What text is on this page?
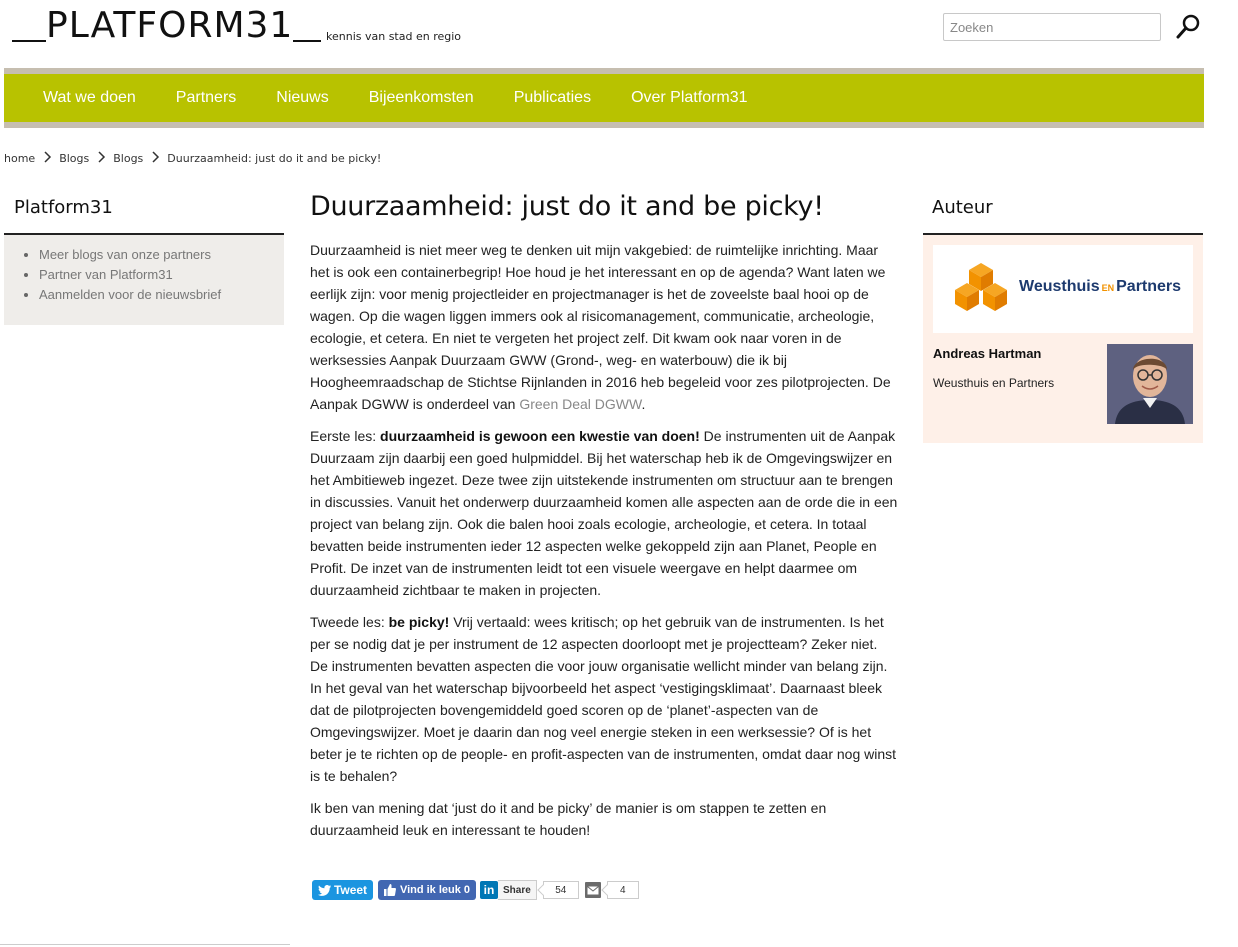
PLATFORM31	kennis van stad en regio
Zoeken
Wat we doen	Partners	Nieuws	Bijeenkomsten	Publicaties	Over Platform31
home Blogs Blogs Duurzaamheid: just do it and be picky!
Platform31
• Meer blogs van onze partners
• Partner van Platform31
• Aanmelden voor de nieuwsbrief
Duurzaamheid: just do it and be picky!

Duurzaamheid is niet meer weg te denken uit mijn vakgebied: de ruimtelijke inrichting. Maar het is ook een containerbegrip! Hoe houd je het interessant en op de agenda? Want laten we eerlijk zijn: voor menig projectleider en projectmanager is het de zoveelste baal hooi op de wagen. Op die wagen liggen immers ook al risicomanagement, communicatie, archeologie, ecologie, et cetera. En niet te vergeten het project zelf. Dit kwam ook naar voren in de werksessies Aanpak Duurzaam GWW (Grond-, weg- en waterbouw) die ik bij Hoogheemraadschap de Stichtse Rijnlanden in 2016 heb begeleid voor zes pilotprojecten. De Aanpak DGWW is onderdeel van Green Deal DGWW.

Eerste les: duurzaamheid is gewoon een kwestie van doen! De instrumenten uit de Aanpak Duurzaam zijn daarbij een goed hulpmiddel. Bij het waterschap heb ik de Omgevingswijzer en het Ambitieweb ingezet. Deze twee zijn uitstekende instrumenten om structuur aan te brengen in discussies. Vanuit het onderwerp duurzaamheid komen alle aspecten aan de orde die in een project van belang zijn. Ook die balen hooi zoals ecologie, archeologie, et cetera. In totaal bevatten beide instrumenten ieder 12 aspecten welke gekoppeld zijn aan Planet, People en Profit. De inzet van de instrumenten leidt tot een visuele weergave en helpt daarmee om duurzaamheid zichtbaar te maken in projecten.

Tweede les: be picky! Vrij vertaald: wees kritisch; op het gebruik van de instrumenten. Is het per se nodig dat je per instrument de 12 aspecten doorloopt met je projectteam? Zeker niet. De instrumenten bevatten aspecten die voor jouw organisatie wellicht minder van belang zijn. In het geval van het waterschap bijvoorbeeld het aspect ‘vestigingsklimaat’. Daarnaast bleek dat de pilotprojecten bovengemiddeld goed scoren op de ‘planet’-aspecten van de Omgevingswijzer. Moet je daarin dan nog veel energie steken in een werksessie? Of is het beter je te richten op de people- en profit-aspecten van de instrumenten, omdat daar nog winst is te behalen?

Ik ben van mening dat ‘just do it and be picky’ de manier is om stappen te zetten en duurzaamheid leuk en interessant te houden!

Tweet	Vind ik leuk 0	in Share	54	4
Auteur
Weusthuis EN Partners
Andreas Hartman
Weusthuis en Partners
